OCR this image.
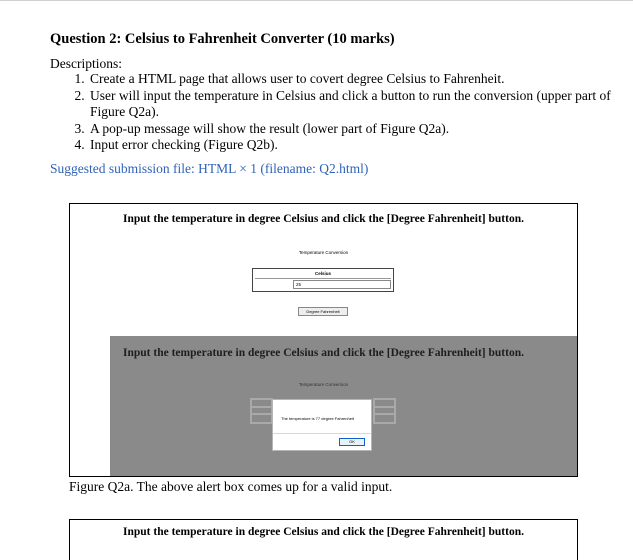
Question 2: Celsius to Fahrenheit Converter (10 marks)
Descriptions:
1. Create a HTML page that allows user to covert degree Celsius to Fahrenheit.
2. User will input the temperature in Celsius and click a button to run the conversion (upper part of Figure Q2a).
3. A pop-up message will show the result (lower part of Figure Q2a).
4. Input error checking (Figure Q2b).
Suggested submission file: HTML × 1 (filename: Q2.html)
Input the temperature in degree Celsius and click the [Degree Fahrenheit] button.
Temperature Conversion
Celsius
25
Degree Fahrenheit
Input the temperature in degree Celsius and click the [Degree Fahrenheit] button.
Temperature Conversion
The temperature is 77 degree Fahrenheit
OK
Figure Q2a. The above alert box comes up for a valid input.
Input the temperature in degree Celsius and click the [Degree Fahrenheit] button.
